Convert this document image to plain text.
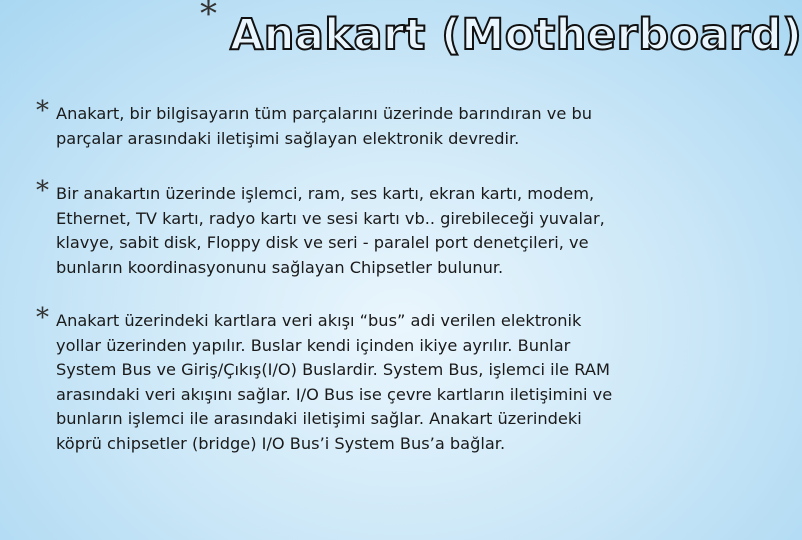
* Anakart (Motherboard)
* Anakart, bir bilgisayarın tüm parçalarını üzerinde barındıran ve bu
parçalar arasındaki iletişimi sağlayan elektronik devredir.
* Bir anakartın üzerinde işlemci, ram, ses kartı, ekran kartı, modem,
Ethernet, TV kartı, radyo kartı ve sesi kartı vb.. girebileceği yuvalar,
klavye, sabit disk, Floppy disk ve seri - paralel port denetçileri, ve
bunların koordinasyonunu sağlayan Chipsetler bulunur.
* Anakart üzerindeki kartlara veri akışı “bus” adi verilen elektronik
yollar üzerinden yapılır. Buslar kendi içinden ikiye ayrılır. Bunlar
System Bus ve Giriş/Çıkış(I/O) Buslardir. System Bus, işlemci ile RAM
arasındaki veri akışını sağlar. I/O Bus ise çevre kartların iletişimini ve
bunların işlemci ile arasındaki iletişimi sağlar. Anakart üzerindeki
köprü chipsetler (bridge) I/O Bus’i System Bus’a bağlar.
